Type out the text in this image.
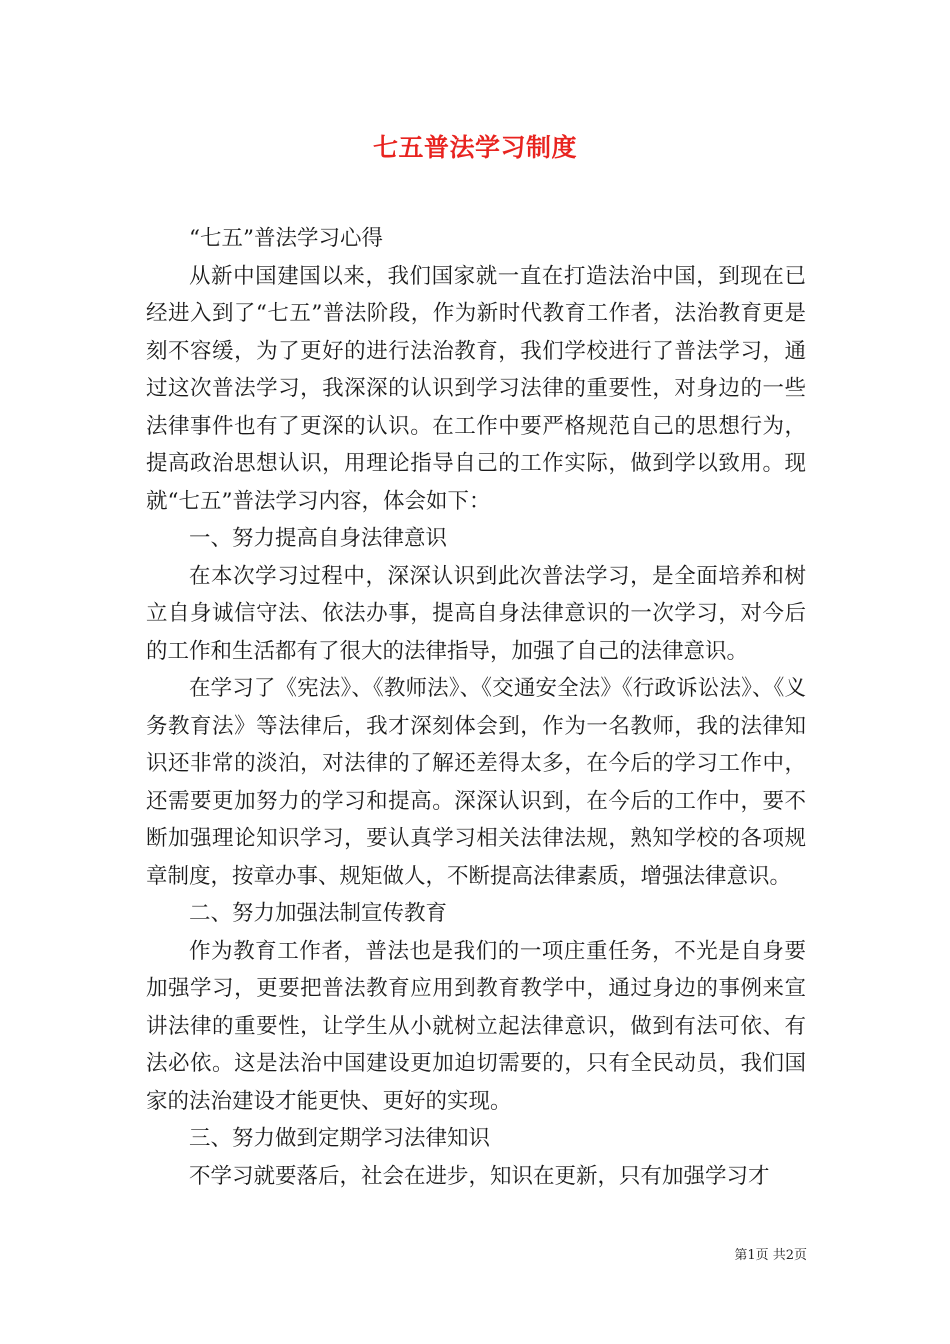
七五普法学习制度

“七五”普法学习心得

从新中国建国以来，我们国家就一直在打造法治中国，到现在已经进入到了“七五”普法阶段，作为新时代教育工作者，法治教育更是刻不容缓，为了更好的进行法治教育，我们学校进行了普法学习，通过这次普法学习，我深深的认识到学习法律的重要性，对身边的一些法律事件也有了更深的认识。在工作中要严格规范自己的思想行为，提高政治思想认识，用理论指导自己的工作实际，做到学以致用。现就“七五”普法学习内容，体会如下：

一、努力提高自身法律意识

在本次学习过程中，深深认识到此次普法学习，是全面培养和树立自身诚信守法、依法办事，提高自身法律意识的一次学习，对今后的工作和生活都有了很大的法律指导，加强了自己的法律意识。

在学习了《宪法》、《教师法》、《交通安全法》《行政诉讼法》、《义务教育法》等法律后，我才深刻体会到，作为一名教师，我的法律知识还非常的淡泊，对法律的了解还差得太多，在今后的学习工作中，还需要更加努力的学习和提高。深深认识到，在今后的工作中，要不断加强理论知识学习，要认真学习相关法律法规，熟知学校的各项规章制度，按章办事、规矩做人，不断提高法律素质，增强法律意识。

二、努力加强法制宣传教育

作为教育工作者，普法也是我们的一项庄重任务，不光是自身要加强学习，更要把普法教育应用到教育教学中，通过身边的事例来宣讲法律的重要性，让学生从小就树立起法律意识，做到有法可依、有法必依。这是法治中国建设更加迫切需要的，只有全民动员，我们国家的法治建设才能更快、更好的实现。

三、努力做到定期学习法律知识

不学习就要落后，社会在进步，知识在更新，只有加强学习才

第1页 共2页
